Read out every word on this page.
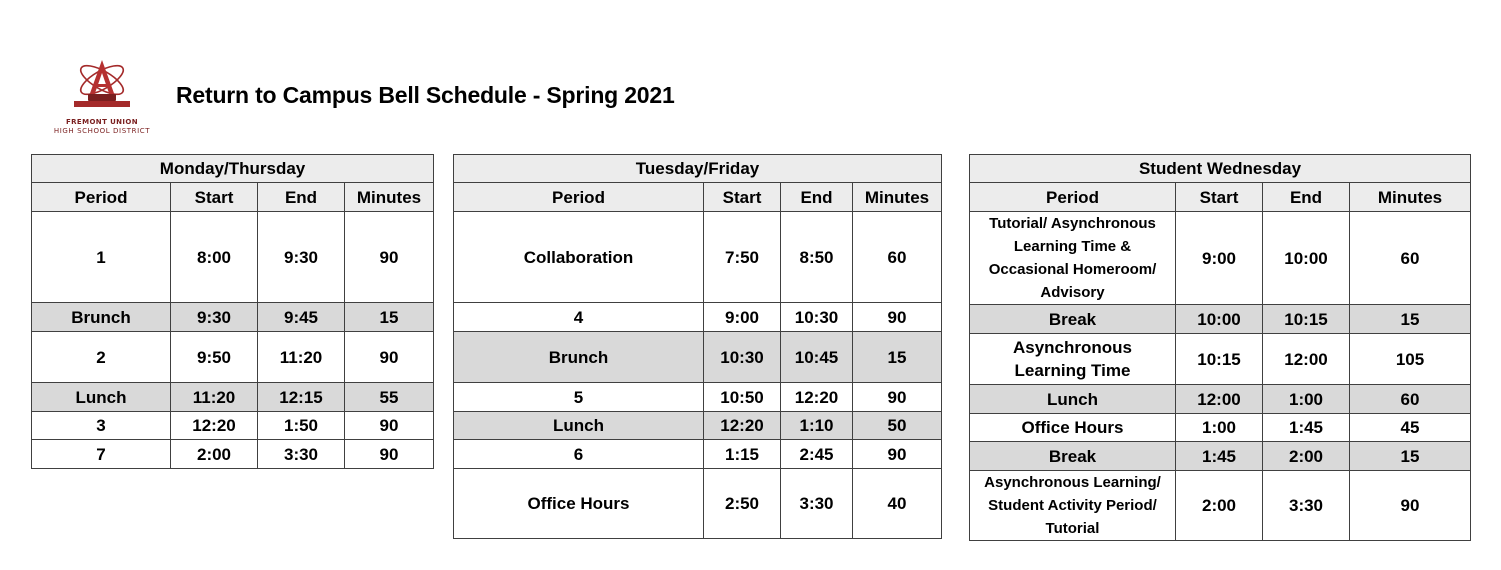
FREMONT UNION
HIGH SCHOOL DISTRICT
Return to Campus Bell Schedule - Spring 2021
Monday/Thursday			
Period	Start	End	Minutes
1	8:00	9:30	90
Brunch	9:30	9:45	15
2	9:50	11:20	90
Lunch	11:20	12:15	55
3	12:20	1:50	90
7	2:00	3:30	90
Tuesday/Friday			
Period	Start	End	Minutes
Collaboration	7:50	8:50	60
4	9:00	10:30	90
Brunch	10:30	10:45	15
5	10:50	12:20	90
Lunch	12:20	1:10	50
6	1:15	2:45	90
Office Hours	2:50	3:30	40
Student Wednesday			
Period	Start	End	Minutes
Tutorial/ Asynchronous
Learning Time &
Occasional Homeroom/
Advisory	9:00	10:00	60
Break	10:00	10:15	15
Asynchronous
Learning Time	10:15	12:00	105
Lunch	12:00	1:00	60
Office Hours	1:00	1:45	45
Break	1:45	2:00	15
Asynchronous Learning/
Student Activity Period/
Tutorial	2:00	3:30	90
